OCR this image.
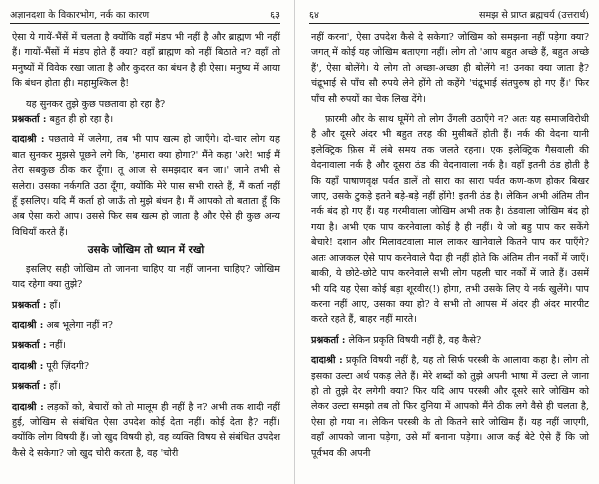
अज्ञानदशा के विकारभोग, नर्क का कारण	६३

ऐसा ये गायें-भैंसें में चलता है क्योंकि वहाँ मंडप भी नहीं है और ब्राह्मण भी नहीं हैं। गायों-भैंसों में मंडप होते हैं क्या? वहाँ ब्राह्मण को नहीं बिठाते न? वहाँ तो मनुष्यों में विवेक रखा जाता है और कुदरत का बंधन है ही ऐसा। मनुष्य में आया कि बंधन होता ही। महामुश्किल है!

यह सुनकर तुझे कुछ पछतावा हो रहा है?

प्रश्नकर्ता : बहुत ही हो रहा है।

दादाश्री : पछतावे में जलेगा, तब भी पाप खत्म हो जाएँगे। दो-चार लोग यह बात सुनकर मुझसे पूछने लगे कि, 'हमारा क्या होगा?' मैंने कहा 'अरे! भाई मैं तेरा सबकुछ ठीक कर दूँगा। तू आज से समझदार बन जा।' जाने तभी से सलेरा। उसका नर्कगति उठा दूँगा, क्योंकि मेरे पास सभी रास्ते हैं, मैं कर्ता नहीं हूँ इसलिए। यदि मैं कर्ता हो जाऊँ तो मुझे बंधन है। मैं आपको तो बताता हूँ कि अब ऐसा करो आप। उससे फिर सब खत्म हो जाता है और ऐसे ही कुछ अन्य विधियाँ करते हैं।

उसके जोखिम तो ध्यान में रखो

इसलिए सही जोखिम तो जानना चाहिए या नहीं जानना चाहिए? जोखिम याद रहेगा क्या तुझे?

प्रश्नकर्ता : हाँ।

दादाश्री : अब भूलेगा नहीं न?

प्रश्नकर्ता : नहीं।

दादाश्री : पूरी ज़िंदगी?

प्रश्नकर्ता : हाँ।

दादाश्री : लड़कों को, बेचारों को तो मालूम ही नहीं है न? अभी तक शादी नहीं हुई, जोखिम से संबंधित ऐसा उपदेश कोई देता नहीं। कोई देता है? नहीं। क्योंकि लोग विषयी हैं। जो खुद विषयी हो, वह व्यक्ति विषय से संबंधित उपदेश कैसे दे सकेगा? जो खुद चोरी करता है, वह 'चोरी

६४	समझ से प्राप्त ब्रह्मचर्य (उत्तरार्ध)

नहीं करना', ऐसा उपदेश कैसे दे सकेगा? जोखिम को समझना नहीं पड़ेगा क्या? जगत् में कोई यह जोखिम बताएगा नहीं। लोग तो 'आप बहुत अच्छे हैं, बहुत अच्छे हैं', ऐसा बोलेंगे। ये लोग तो अच्छा-अच्छा ही बोलेंगे न! उनका क्या जाता है? चंद्रूभाई से पाँच सौ रुपये लेने होंगे तो कहेंगे 'चंद्रूभाई संतपुरुष हो गए हैं।' फिर पाँच सौ रुपयों का चेक लिख देंगे।

फ़ारमी और के साथ घूमेंगे तो लोग उँगली उठाएँगे न? अतः यह समाजविरोधी है और दूसरे अंदर भी बहुत तरह की मुसीबतें होती हैं। नर्क की वेदना यानी इलेक्ट्रिक फ़िस में लंबे समय तक जलते रहना। एक इलेक्ट्रिक गैसवाली की वेदनावाला नर्क है और दूसरा ठंड की वेदनावाला नर्क है। वहाँ इतनी ठंड होती है कि यहाँ पाषाणवृक्ष पर्वत डालें तो सारा का सारा पर्वत कण-कण होकर बिखर जाए, उसके टुकड़े इतने बड़े-बड़े नहीं होंगे! इतनी ठंड है। लेकिन अभी अंतिम तीन नर्क बंद हो गए हैं। यह गरमीवाला जोखिम अभी तक है। ठंडवाला जोखिम बंद हो गया है। अभी एक पाप करनेवाला कोई है ही नहीं। ये जो बहु पाप कर सकेंगे बेचारे! दशान और मिलावटवाला माल लाकर खानेवाले कितने पाप कर पाएँगे? अतः आजकल ऐसे पाप करनेवाले पैदा ही नहीं होते कि अंतिम तीन नर्कों में जाएँ। बाकी, ये छोटे-छोटे पाप करनेवाले सभी लोग पहली चार नर्कों में जाते हैं। उसमें भी यदि यह ऐसा कोई बड़ा शूरवीर(!) होगा, तभी उसके लिए ये नर्क खुलेंगे। पाप करना नहीं आए, उसका क्या हो? वे सभी तो आपस में अंदर ही अंदर मारपीट करते रहते हैं, बाहर नहीं मारते।

प्रश्नकर्ता : लेकिन प्रकृति विषयी नहीं है, वह कैसे?

दादाश्री : प्रकृति विषयी नहीं है, यह तो सिर्फ परस्त्री के आलावा कहा है। लोग तो इसका उल्टा अर्थ पकड़ लेते हैं। मेरे शब्दों को तुझे अपनी भाषा में उल्टा ले जाना हो तो तुझे देर लगेगी क्या? फिर यदि आप परस्त्री और दूसरे सारे जोखिम को लेकर उल्टा समझो तब तो फिर दुनिया में आपको मैंने ठीक लगे वैसे ही चलता है, ऐसा हो गया न। लेकिन परस्त्री के तो कितने सारे जोखिम हैं। यह नहीं जाएगी, वहाँ आपको जाना पड़ेगा, उसे माँ बनाना पड़ेगा। आज कई बेटे ऐसे हैं कि जो पूर्वभव की अपनी
